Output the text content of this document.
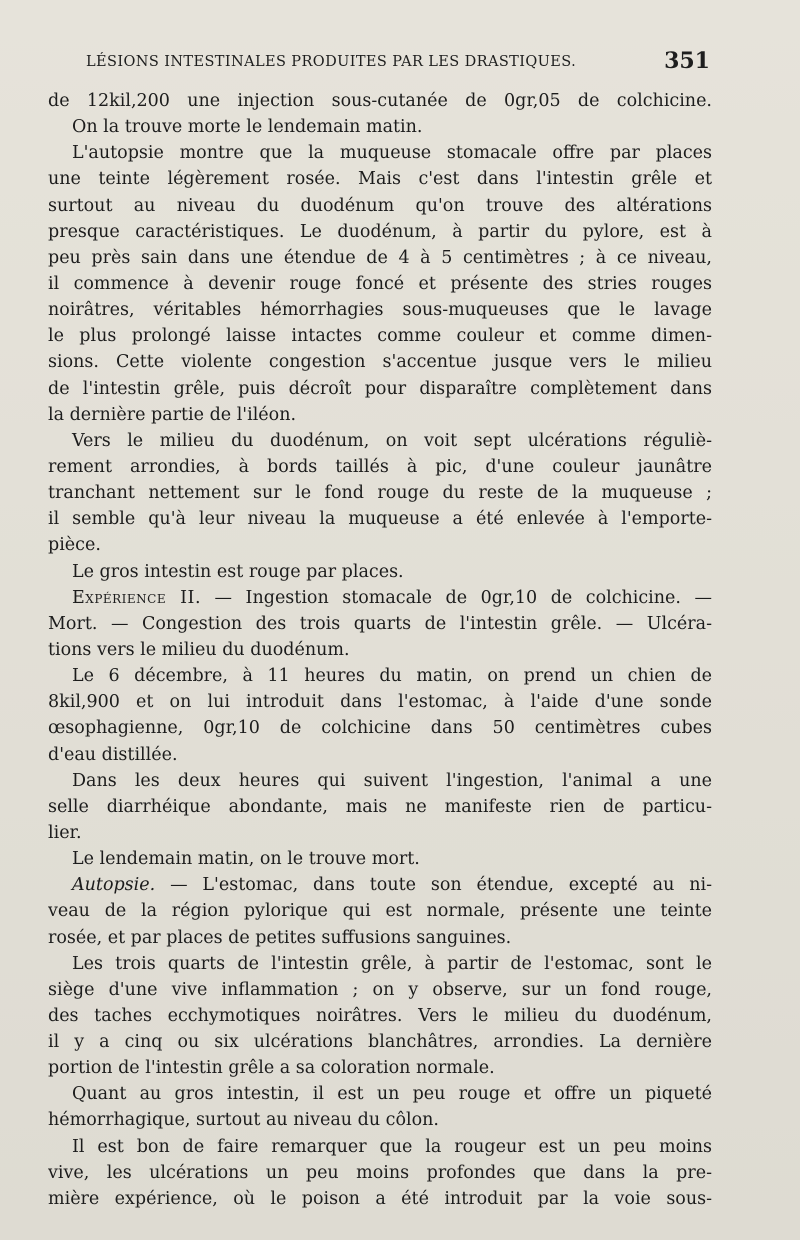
LÉSIONS INTESTINALES PRODUITES PAR LES DRASTIQUES.	351
de 12kil,200 une injection sous-cutanée de 0gr,05 de colchicine.
On la trouve morte le lendemain matin.
L'autopsie montre que la muqueuse stomacale offre par places
une teinte légèrement rosée. Mais c'est dans l'intestin grêle et
surtout au niveau du duodénum qu'on trouve des altérations
presque caractéristiques. Le duodénum, à partir du pylore, est à
peu près sain dans une étendue de 4 à 5 centimètres ; à ce niveau,
il commence à devenir rouge foncé et présente des stries rouges
noirâtres, véritables hémorrhagies sous-muqueuses que le lavage
le plus prolongé laisse intactes comme couleur et comme dimen-
sions. Cette violente congestion s'accentue jusque vers le milieu
de l'intestin grêle, puis décroît pour disparaître complètement dans
la dernière partie de l'iléon.
Vers le milieu du duodénum, on voit sept ulcérations réguliè-
rement arrondies, à bords taillés à pic, d'une couleur jaunâtre
tranchant nettement sur le fond rouge du reste de la muqueuse ;
il semble qu'à leur niveau la muqueuse a été enlevée à l'emporte-
pièce.
Le gros intestin est rouge par places.
Expérience II. — Ingestion stomacale de 0gr,10 de colchicine. —
Mort. — Congestion des trois quarts de l'intestin grêle. — Ulcéra-
tions vers le milieu du duodénum.
Le 6 décembre, à 11 heures du matin, on prend un chien de
8kil,900 et on lui introduit dans l'estomac, à l'aide d'une sonde
œsophagienne, 0gr,10 de colchicine dans 50 centimètres cubes
d'eau distillée.
Dans les deux heures qui suivent l'ingestion, l'animal a une
selle diarrhéique abondante, mais ne manifeste rien de particu-
lier.
Le lendemain matin, on le trouve mort.
Autopsie. — L'estomac, dans toute son étendue, excepté au ni-
veau de la région pylorique qui est normale, présente une teinte
rosée, et par places de petites suffusions sanguines.
Les trois quarts de l'intestin grêle, à partir de l'estomac, sont le
siège d'une vive inflammation ; on y observe, sur un fond rouge,
des taches ecchymotiques noirâtres. Vers le milieu du duodénum,
il y a cinq ou six ulcérations blanchâtres, arrondies. La dernière
portion de l'intestin grêle a sa coloration normale.
Quant au gros intestin, il est un peu rouge et offre un piqueté
hémorrhagique, surtout au niveau du côlon.
Il est bon de faire remarquer que la rougeur est un peu moins
vive, les ulcérations un peu moins profondes que dans la pre-
mière expérience, où le poison a été introduit par la voie sous-
